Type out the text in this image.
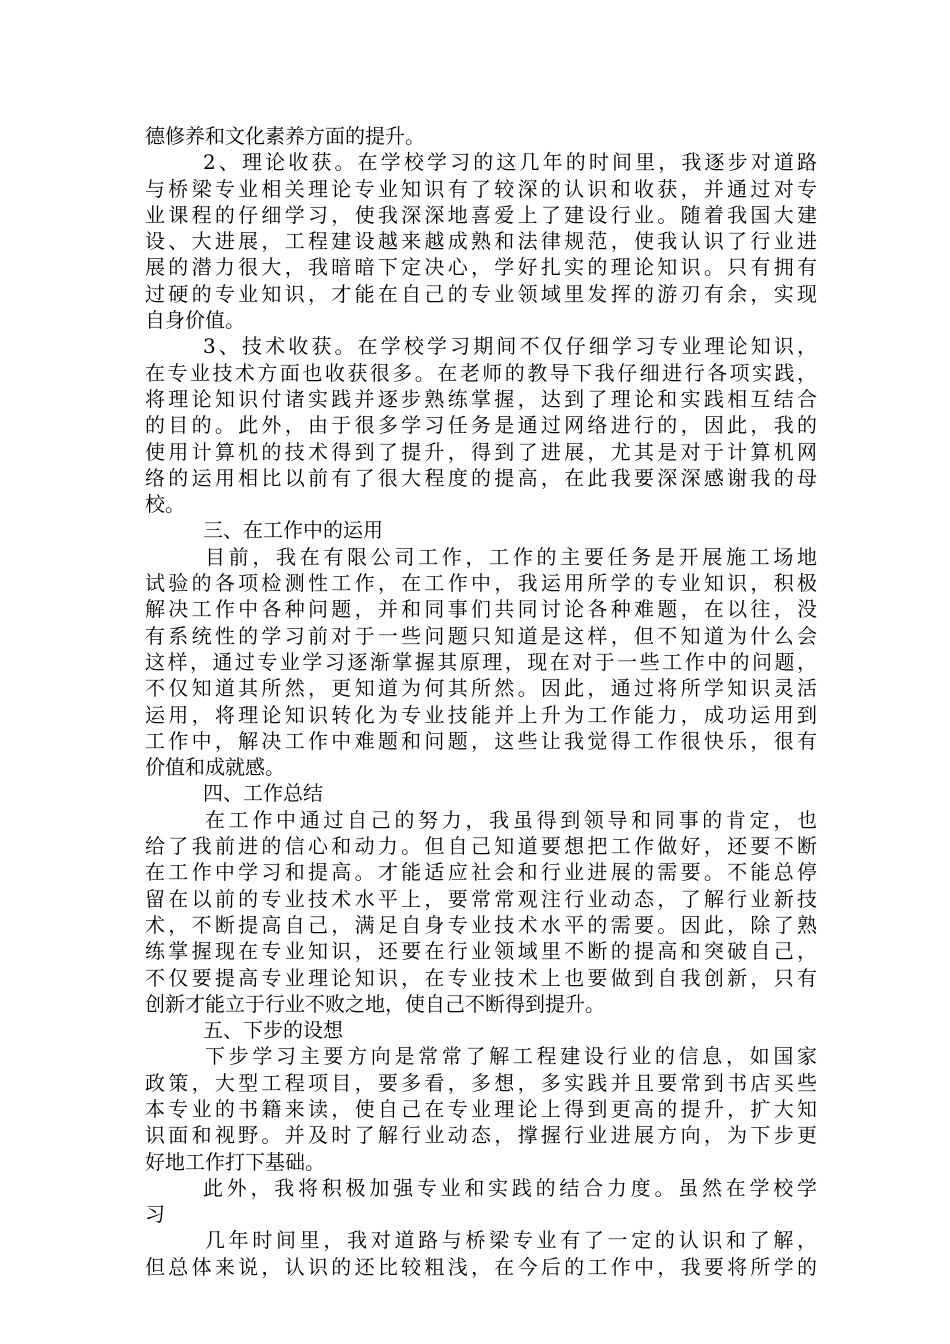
德修养和文化素养方面的提升。
2、理论收获。在学校学习的这几年的时间里，我逐步对道路
与桥梁专业相关理论专业知识有了较深的认识和收获，并通过对专
业课程的仔细学习，使我深深地喜爱上了建设行业。随着我国大建
设、大进展，工程建设越来越成熟和法律规范，使我认识了行业进
展的潜力很大，我暗暗下定决心，学好扎实的理论知识。只有拥有
过硬的专业知识，才能在自己的专业领域里发挥的游刃有余，实现
自身价值。
3、技术收获。在学校学习期间不仅仔细学习专业理论知识，
在专业技术方面也收获很多。在老师的教导下我仔细进行各项实践，
将理论知识付诸实践并逐步熟练掌握，达到了理论和实践相互结合
的目的。此外，由于很多学习任务是通过网络进行的，因此，我的
使用计算机的技术得到了提升，得到了进展，尤其是对于计算机网
络的运用相比以前有了很大程度的提高，在此我要深深感谢我的母
校。
三、在工作中的运用
目前，我在有限公司工作，工作的主要任务是开展施工场地
试验的各项检测性工作，在工作中，我运用所学的专业知识，积极
解决工作中各种问题，并和同事们共同讨论各种难题，在以往，没
有系统性的学习前对于一些问题只知道是这样，但不知道为什么会
这样，通过专业学习逐渐掌握其原理，现在对于一些工作中的问题，
不仅知道其所然，更知道为何其所然。因此，通过将所学知识灵活
运用，将理论知识转化为专业技能并上升为工作能力，成功运用到
工作中，解决工作中难题和问题，这些让我觉得工作很快乐，很有
价值和成就感。
四、工作总结
在工作中通过自己的努力，我虽得到领导和同事的肯定，也
给了我前进的信心和动力。但自己知道要想把工作做好，还要不断
在工作中学习和提高。才能适应社会和行业进展的需要。不能总停
留在以前的专业技术水平上，要常常观注行业动态，了解行业新技
术，不断提高自己，满足自身专业技术水平的需要。因此，除了熟
练掌握现在专业知识，还要在行业领域里不断的提高和突破自己，
不仅要提高专业理论知识，在专业技术上也要做到自我创新，只有
创新才能立于行业不败之地，使自己不断得到提升。
五、下步的设想
下步学习主要方向是常常了解工程建设行业的信息，如国家
政策，大型工程项目，要多看，多想，多实践并且要常到书店买些
本专业的书籍来读，使自己在专业理论上得到更高的提升，扩大知
识面和视野。并及时了解行业动态，撑握行业进展方向，为下步更
好地工作打下基础。
此外，我将积极加强专业和实践的结合力度。虽然在学校学
习
几年时间里，我对道路与桥梁专业有了一定的认识和了解，
但总体来说，认识的还比较粗浅，在今后的工作中，我要将所学的
